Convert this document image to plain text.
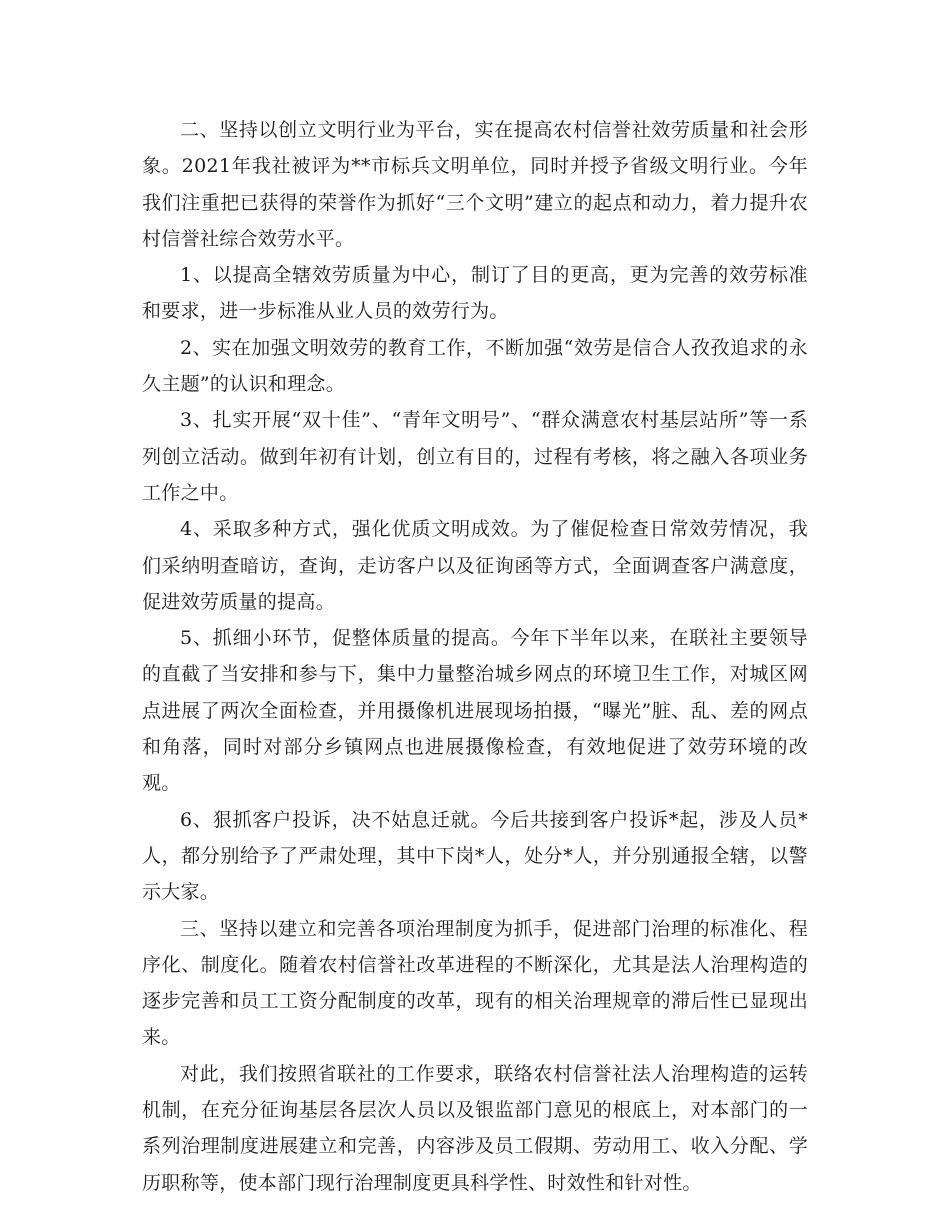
二、坚持以创立文明行业为平台，实在提高农村信誉社效劳质量和社会形象。2021年我社被评为**市标兵文明单位，同时并授予省级文明行业。今年我们注重把已获得的荣誉作为抓好“三个文明”建立的起点和动力，着力提升农村信誉社综合效劳水平。

1、以提高全辖效劳质量为中心，制订了目的更高，更为完善的效劳标准和要求，进一步标准从业人员的效劳行为。

2、实在加强文明效劳的教育工作，不断加强“效劳是信合人孜孜追求的永久主题”的认识和理念。

3、扎实开展“双十佳”、“青年文明号”、“群众满意农村基层站所”等一系列创立活动。做到年初有计划，创立有目的，过程有考核，将之融入各项业务工作之中。

4、采取多种方式，强化优质文明成效。为了催促检查日常效劳情况，我们采纳明查暗访，查询，走访客户以及征询函等方式，全面调查客户满意度，促进效劳质量的提高。

5、抓细小环节，促整体质量的提高。今年下半年以来，在联社主要领导的直截了当安排和参与下，集中力量整治城乡网点的环境卫生工作，对城区网点进展了两次全面检查，并用摄像机进展现场拍摄，“曝光”脏、乱、差的网点和角落，同时对部分乡镇网点也进展摄像检查，有效地促进了效劳环境的改观。

6、狠抓客户投诉，决不姑息迁就。今后共接到客户投诉*起，涉及人员*人，都分别给予了严肃处理，其中下岗*人，处分*人，并分别通报全辖，以警示大家。

三、坚持以建立和完善各项治理制度为抓手，促进部门治理的标准化、程序化、制度化。随着农村信誉社改革进程的不断深化，尤其是法人治理构造的逐步完善和员工工资分配制度的改革，现有的相关治理规章的滞后性已显现出来。

对此，我们按照省联社的工作要求，联络农村信誉社法人治理构造的运转机制，在充分征询基层各层次人员以及银监部门意见的根底上，对本部门的一系列治理制度进展建立和完善，内容涉及员工假期、劳动用工、收入分配、学历职称等，使本部门现行治理制度更具科学性、时效性和针对性。
